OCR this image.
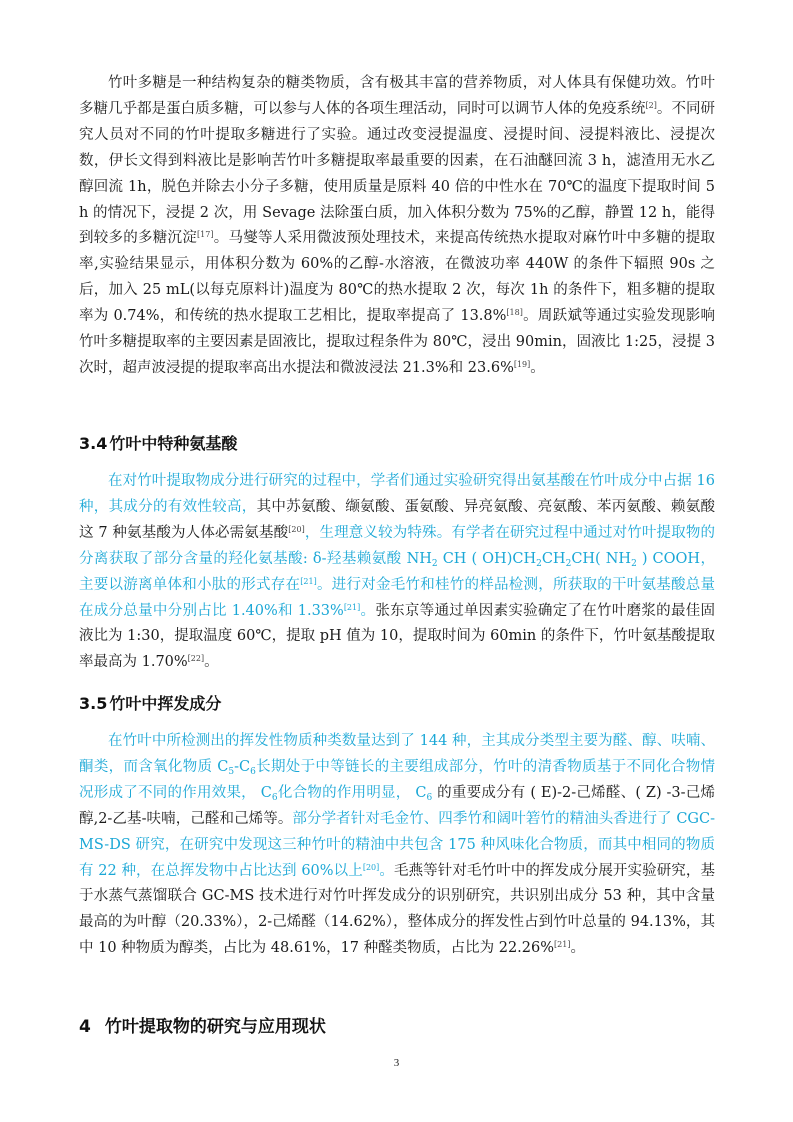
竹叶多糖是一种结构复杂的糖类物质，含有极其丰富的营养物质，对人体具有保健功效。竹叶多糖几乎都是蛋白质多糖，可以参与人体的各项生理活动，同时可以调节人体的免疫系统[2]。不同研究人员对不同的竹叶提取多糖进行了实验。通过改变浸提温度、浸提时间、浸提料液比、浸提次数，伊长文得到料液比是影响苦竹叶多糖提取率最重要的因素，在石油醚回流 3 h，滤渣用无水乙醇回流 1h，脱色并除去小分子多糖，使用质量是原料 40 倍的中性水在 70℃的温度下提取时间 5 h 的情况下，浸提 2 次，用 Sevage 法除蛋白质，加入体积分数为 75%的乙醇，静置 12 h，能得到较多的多糖沉淀[17]。马燮等人采用微波预处理技术，来提高传统热水提取对麻竹叶中多糖的提取率,实验结果显示，用体积分数为 60%的乙醇-水溶液，在微波功率 440W 的条件下辐照 90s 之后，加入 25 mL(以每克原料计)温度为 80℃的热水提取 2 次，每次 1h 的条件下，粗多糖的提取率为 0.74%，和传统的热水提取工艺相比，提取率提高了 13.8%[18]。周跃斌等通过实验发现影响竹叶多糖提取率的主要因素是固液比，提取过程条件为 80℃，浸出 90min，固液比 1:25，浸提 3 次时，超声波浸提的提取率高出水提法和微波浸法 21.3%和 23.6%[19]。

3.4 竹叶中特种氨基酸

在对竹叶提取物成分进行研究的过程中，学者们通过实验研究得出氨基酸在竹叶成分中占据 16 种，其成分的有效性较高，其中苏氨酸、缬氨酸、蛋氨酸、异亮氨酸、亮氨酸、苯丙氨酸、赖氨酸这 7 种氨基酸为人体必需氨基酸[20]，生理意义较为特殊。有学者在研究过程中通过对竹叶提取物的分离获取了部分含量的羟化氨基酸: δ-羟基赖氨酸 $NH_2$ CH ( $OH)CH_2CH_2CH$( $NH_2$ ) COOH，主要以游离单体和小肽的形式存在[21]。进行对金毛竹和桂竹的样品检测，所获取的干叶氨基酸总量在成分总量中分别占比 1.40%和 1.33%[21]。张东京等通过单因素实验确定了在竹叶磨浆的最佳固液比为 1:30，提取温度 60℃，提取 pH 值为 10，提取时间为 60min 的条件下，竹叶氨基酸提取率最高为 1.70%[22]。

3.5 竹叶中挥发成分

在竹叶中所检测出的挥发性物质种类数量达到了 144 种，主其成分类型主要为醛、醇、呋喃、酮类，而含氧化物质 $C_5-C_6$长期处于中等链长的主要组成部分，竹叶的清香物质基于不同化合物情况形成了不同的作用效果， $C_6$化合物的作用明显， $C_6$ 的重要成分有 ( E)-2-己烯醛、( Z) -3-己烯醇,2-乙基-呋喃，己醛和己烯等。部分学者针对毛金竹、四季竹和阔叶箬竹的精油头香进行了 CGC-MS-DS 研究，在研究中发现这三种竹叶的精油中共包含 175 种风味化合物质，而其中相同的物质有 22 种，在总挥发物中占比达到 60%以上[20]。毛燕等针对毛竹叶中的挥发成分展开实验研究，基于水蒸气蒸馏联合 GC-MS 技术进行对竹叶挥发成分的识别研究，共识别出成分 53 种，其中含量最高的为叶醇（20.33%），2-己烯醛（14.62%），整体成分的挥发性占到竹叶总量的 94.13%，其中 10 种物质为醇类，占比为 48.61%，17 种醛类物质，占比为 22.26%[21]。

4 竹叶提取物的研究与应用现状
3
